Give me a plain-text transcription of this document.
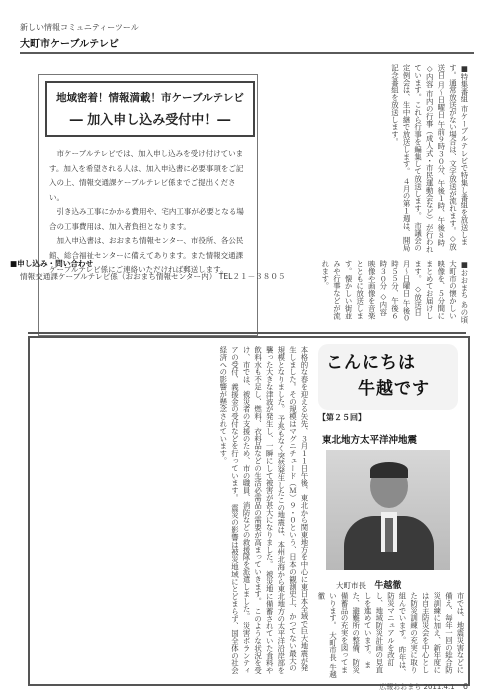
新しい情報コミュニティーツール
大町市ケーブルテレビ
地域密着！情報満載！市ケーブルテレビ
― 加入申し込み受付中！―

市ケーブルテレビでは、加入申し込みを受け付けています。加入を希望される人は、加入申込書に必要事項をご記入の上、情報交通課ケーブルテレビ係までご提出ください。

引き込み工事にかかる費用や、宅内工事が必要となる場合の工事費用は、加入者負担となります。

加入申込書は、おおまち情報センター、市役所、各公民館、総合福祉センターに備えてあります。また情報交通課ケーブルテレビ係にご連絡いただければ郵送します。

■申し込み・問い合わせ
情報交通課ケーブルテレビ係（おおまち情報センター内） TEL２１－３８０５
■特集番組 市ケーブルテレビで特集し番組を放送します。通常放送がない場合は、文字放送が流れます。◇放送日 月～日曜日 午前９時３０分、午後１時、午後８時 ◇内容 市内の行事（成人式・市民運動会など）が行われています。これら行事を編集して放送します。 市議会の定例会は、生中継で放送します。 ４月の第１週は、開局記念番組を放送します。
■おおまち あの頃 大町市の懐かしい映像を、５分間にまとめてお届けします。 ◇放送日 月～日曜日 午後０時５５分、午後６時３０分 ◇内容 映像や画像を音楽とともに放送します。懐かしい街並みや行事などが流れます。
本格的な春を迎える矢先、３月１１日午後、東北から関東地方を中心に東日本全域で巨大地震が発生しました。その規模はマグニチュード（Ｍ）９・０という、日本の観測史上、かつてない最大の規模となりました。 予兆もなく突然発生したこの地震は、本州北海から東北地方の太平洋沿岸部を襲った大きな津波が発生し、一瞬にして被害が甚大になりました。 被災地に備蓄されていた食料や飲料水も不足し、燃料、衣料品などの生活必需品の需要が高まっていきます。 このような状況を受け、市では、被災者の支援のため、市の職員、消防などの救援隊を派遣しました。 災害ボランティアの受付、義援金の受付などを行っています。 震災の影響は被災地域にとどまらず、国全体の社会経済への影響が懸念されています。	こんにちは
牛越です
【第２５回】
東北地方太平洋沖地震
大町市長 牛越徹
市では、地震災害などに備え、毎年一回の総合防災訓練に加え、新年度には自主防災会を中心とした防災訓練の充実に取り組んでいます。 昨年は、防災マニュアルを改訂し、地域防災計画の見直しを進めています。 また、避難所の整備、防災備蓄品の充実を図ってまいります。 大町市長 牛越徹
広報おおまち 2011.4.1 6
